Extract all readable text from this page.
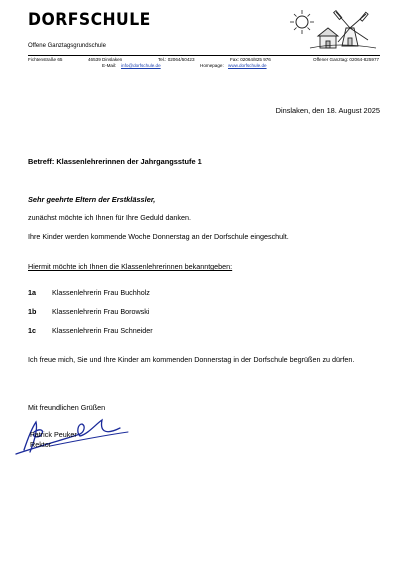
DORFSCHULE
Offene Ganztagsgrundschule
Fichtenstraße 65	46539 Dinslaken	Tel.: 02064/50423	Fax: 02064/825 976	Offener Ganztag: 02064-825977
E-Mail: info@dorfschule.de	Homepage: www.dorfschule.de
Dinslaken, den 18. August 2025
Betreff: Klassenlehrerinnen der Jahrgangsstufe 1
Sehr geehrte Eltern der Erstklässler,
zunächst möchte ich Ihnen für Ihre Geduld danken.
Ihre Kinder werden kommende Woche Donnerstag an der Dorfschule eingeschult.
Hiermit möchte ich Ihnen die Klassenlehrerinnen bekanntgeben:
1a Klassenlehrerin Frau Buchholz
1b Klassenlehrerin Frau Borowski
1c Klassenlehrerin Frau Schneider
Ich freue mich, Sie und Ihre Kinder am kommenden Donnerstag in der Dorfschule begrüßen zu dürfen.
Mit freundlichen Grüßen
Patrick Peuker
Rektor
